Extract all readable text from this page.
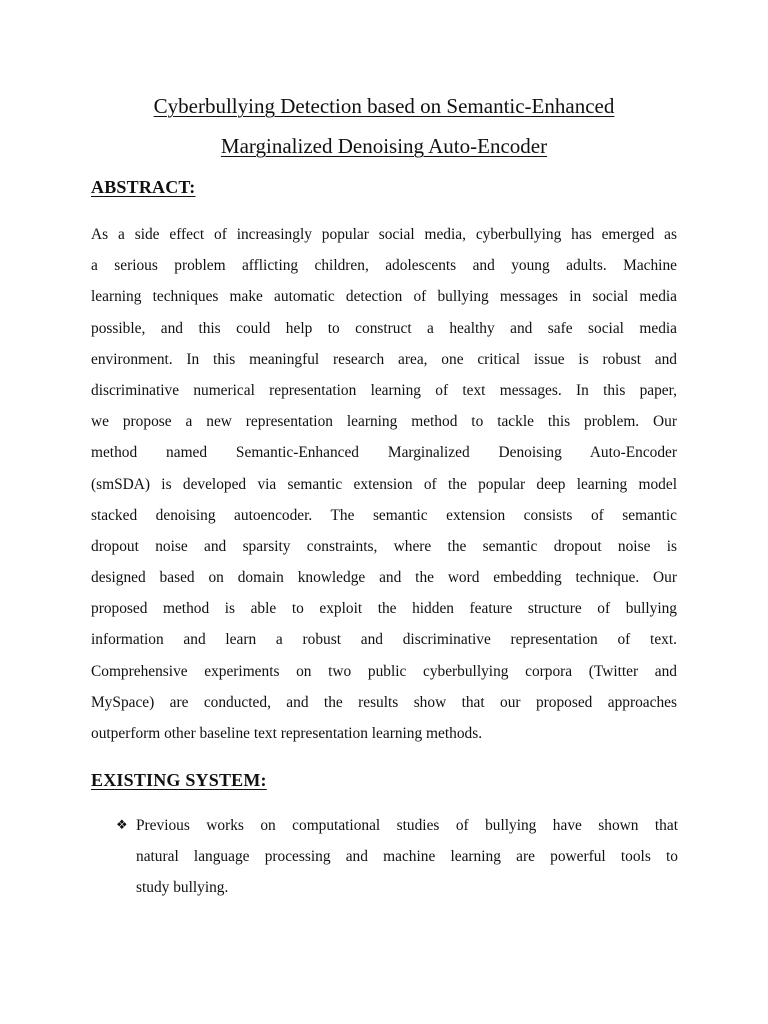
Cyberbullying Detection based on Semantic-Enhanced
Marginalized Denoising Auto-Encoder
ABSTRACT:
As a side effect of increasingly popular social media, cyberbullying has emerged as
a serious problem afflicting children, adolescents and young adults. Machine
learning techniques make automatic detection of bullying messages in social media
possible, and this could help to construct a healthy and safe social media
environment. In this meaningful research area, one critical issue is robust and
discriminative numerical representation learning of text messages. In this paper,
we propose a new representation learning method to tackle this problem. Our
method named Semantic-Enhanced Marginalized Denoising Auto-Encoder
(smSDA) is developed via semantic extension of the popular deep learning model
stacked denoising autoencoder. The semantic extension consists of semantic
dropout noise and sparsity constraints, where the semantic dropout noise is
designed based on domain knowledge and the word embedding technique. Our
proposed method is able to exploit the hidden feature structure of bullying
information and learn a robust and discriminative representation of text.
Comprehensive experiments on two public cyberbullying corpora (Twitter and
MySpace) are conducted, and the results show that our proposed approaches
outperform other baseline text representation learning methods.
EXISTING SYSTEM:
❖ Previous works on computational studies of bullying have shown that
natural language processing and machine learning are powerful tools to
study bullying.
